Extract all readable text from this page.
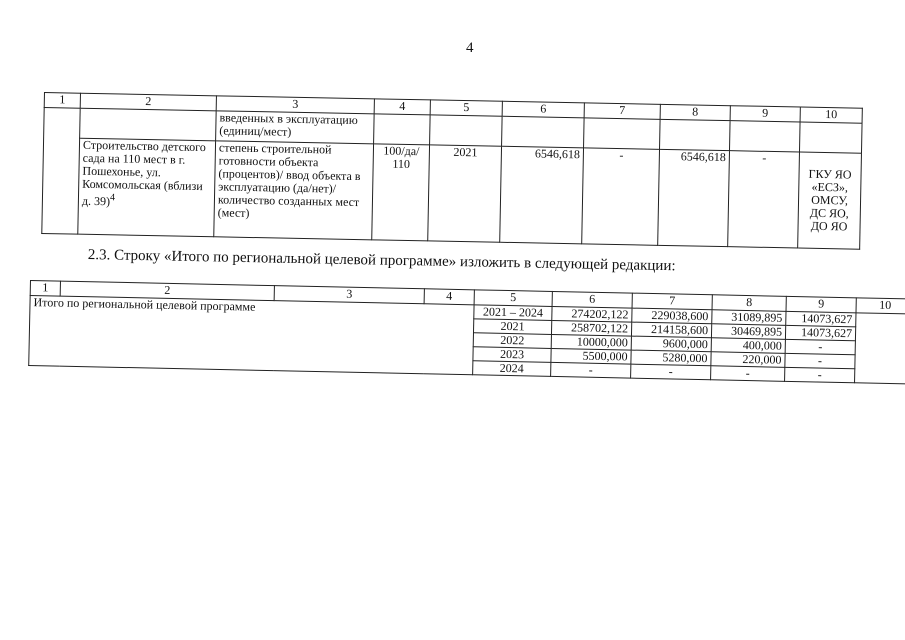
4
1	2	3	4	5	6	7	8	9	10
		введенных в эксплуатацию (единиц/мест)							
	Строительство детского сада на 110 мест в г. Пошехонье, ул. Комсомольская (вблизи д. 39)$^4$	степень строительной готовности объекта (процентов)/ ввод объекта в эксплуатацию (да/нет)/ количество созданных мест (мест)	100/да/ 110	2021	6546,618	-	6546,618	-	ГКУ ЯО «ЕСЗ», ОМСУ, ДС ЯО, ДО ЯО
2.3. Строку «Итого по региональной целевой программе» изложить в следующей редакции:
1	2	3	4	5	6	7	8	9	10
Итого по региональной целевой программе				2021 – 2024	274202,122	229038,600	31089,895	14073,627	
				2021	258702,122	214158,600	30469,895	14073,627	
				2022	10000,000	9600,000	400,000	-	
				2023	5500,000	5280,000	220,000	-	
				2024	-	-	-	-	
